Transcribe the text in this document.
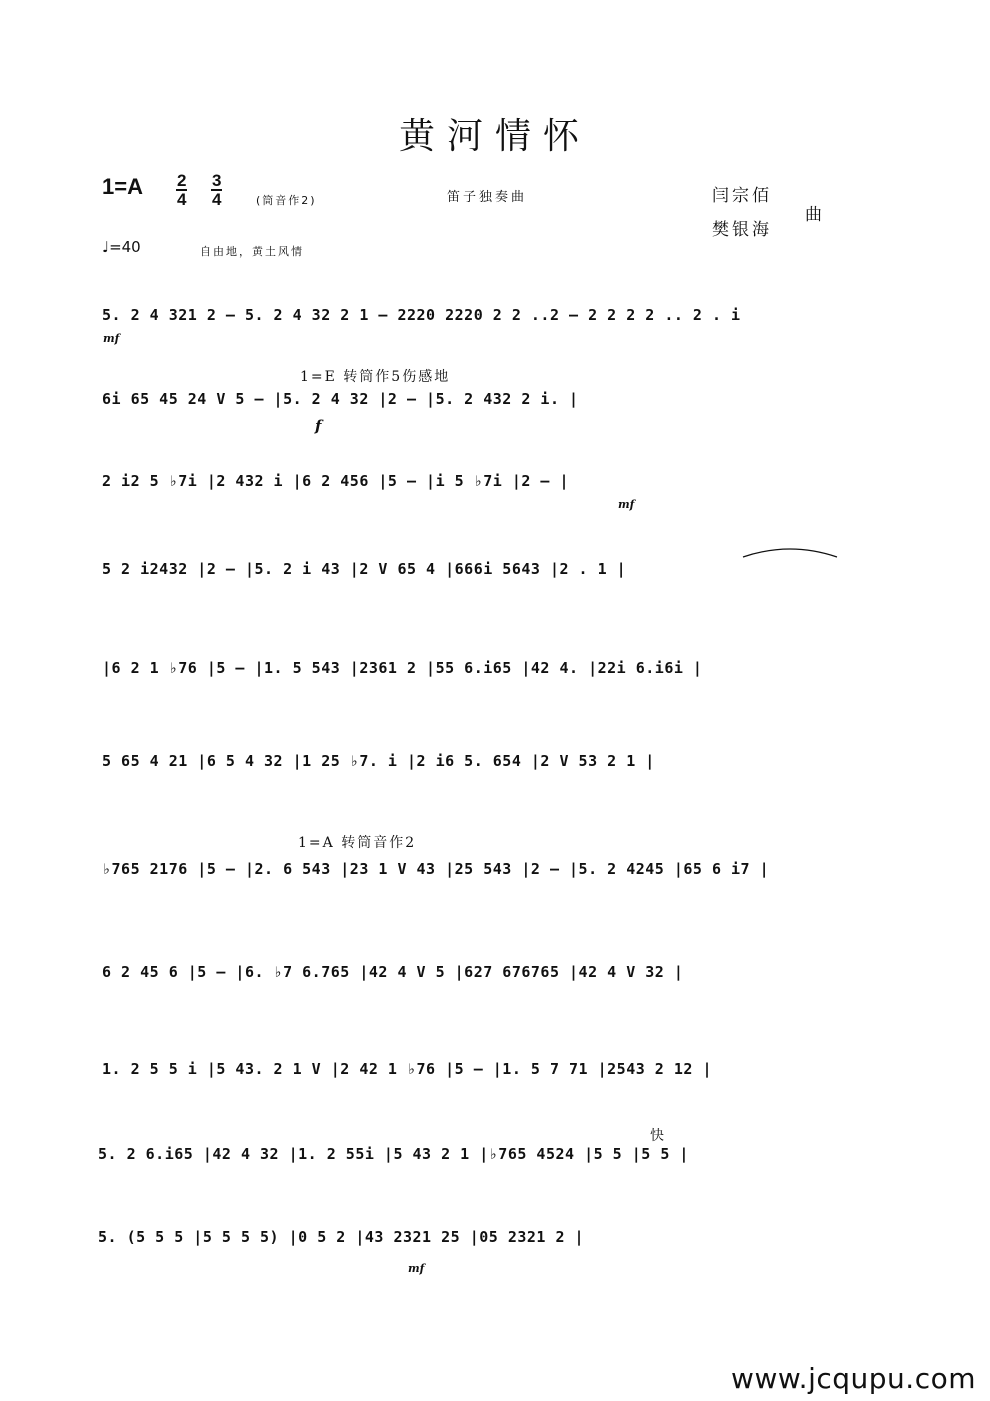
黄河情怀
$1=A \frac{2}{4} \frac{3}{4}$	(筒音作2)	笛子独奏曲	闫宗佰
樊银海
曲
♩=40	自由地，黄土风情
5. 2 4 321 2 – 5. 2 4 32 2 1 – 2220 2220 2 2 ..2 – 2 2 2 2 .. 2 . i
mf
1=E 转筒作5伤感地
6i 65 45 24 V 5 – |5. 2 4 32 |2 – |5. 2 432 2 i. |
f
2 i2 5 ♭7i |2 432 i |6 2 456 |5 – |i 5 ♭7i |2 – |
mf
5 2 i2432 |2 – |5. 2 i 43 |2 V 65 4 |666i 5643 |2 . 1 |
|6 2 1 ♭76 |5 – |1. 5 543 |2361 2 |55 6.i65 |42 4. |22i 6.i6i |
5 65 4 21 |6 5 4 32 |1 25 ♭7. i |2 i6 5. 654 |2 V 53 2 1 |
1=A 转筒音作2
♭765 2176 |5 – |2. 6 543 |23 1 V 43 |25 543 |2 – |5. 2 4245 |65 6 i7 |
6 2 45 6 |5 – |6. ♭7 6.765 |42 4 V 5 |627 676765 |42 4 V 32 |
1. 2 5 5 i |5 43. 2 1 V |2 42 1 ♭76 |5 – |1. 5 7 71 |2543 2 12 |
快
5. 2 6.i65 |42 4 32 |1. 2 55i |5 43 2 1 |♭765 4524 |5 5 |5 5 |
5. (5 5 5 |5 5 5 5) |0 5 2 |43 2321 25 |05 2321 2 |
mf
www.jcqupu.com
